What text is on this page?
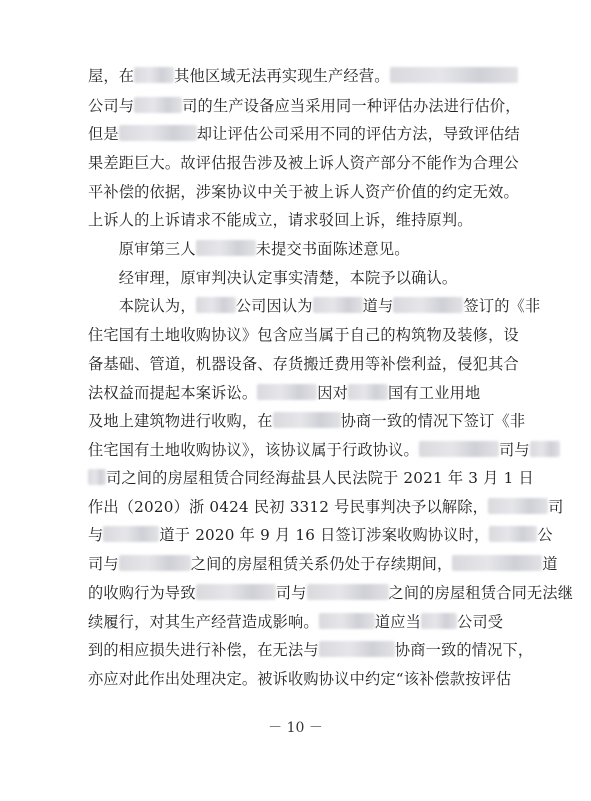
屋，在	其他区域无法再实现生产经营。
公司与	司的生产设备应当采用同一种评估办法进行估价，
但是	却让评估公司采用不同的评估方法，导致评估结
果差距巨大。故评估报告涉及被上诉人资产部分不能作为合理公
平补偿的依据，涉案协议中关于被上诉人资产价值的约定无效。
上诉人的上诉请求不能成立，请求驳回上诉，维持原判。
　　原审第三人	未提交书面陈述意见。
　　经审理，原审判决认定事实清楚，本院予以确认。
　　本院认为，	公司因认为	道与	签订的《非
住宅国有土地收购协议》包含应当属于自己的构筑物及装修，设
备基础、管道，机器设备、存货搬迁费用等补偿利益，侵犯其合
法权益而提起本案诉讼。	因对	国有工业用地
及地上建筑物进行收购，在	协商一致的情况下签订《非
住宅国有土地收购协议》，该协议属于行政协议。	司与
司之间的房屋租赁合同经海盐县人民法院于 2021 年 3 月 1 日
作出（2020）浙 0424 民初 3312 号民事判决予以解除，	司
与	道于 2020 年 9 月 16 日签订涉案收购协议时，	公
司与	之间的房屋租赁关系仍处于存续期间，	道
的收购行为导致	司与	之间的房屋租赁合同无法继
续履行，对其生产经营造成影响。	道应当 公司受
到的相应损失进行补偿，在无法与	协商一致的情况下，
亦应对此作出处理决定。被诉收购协议中约定“该补偿款按评估
－ 10 －
